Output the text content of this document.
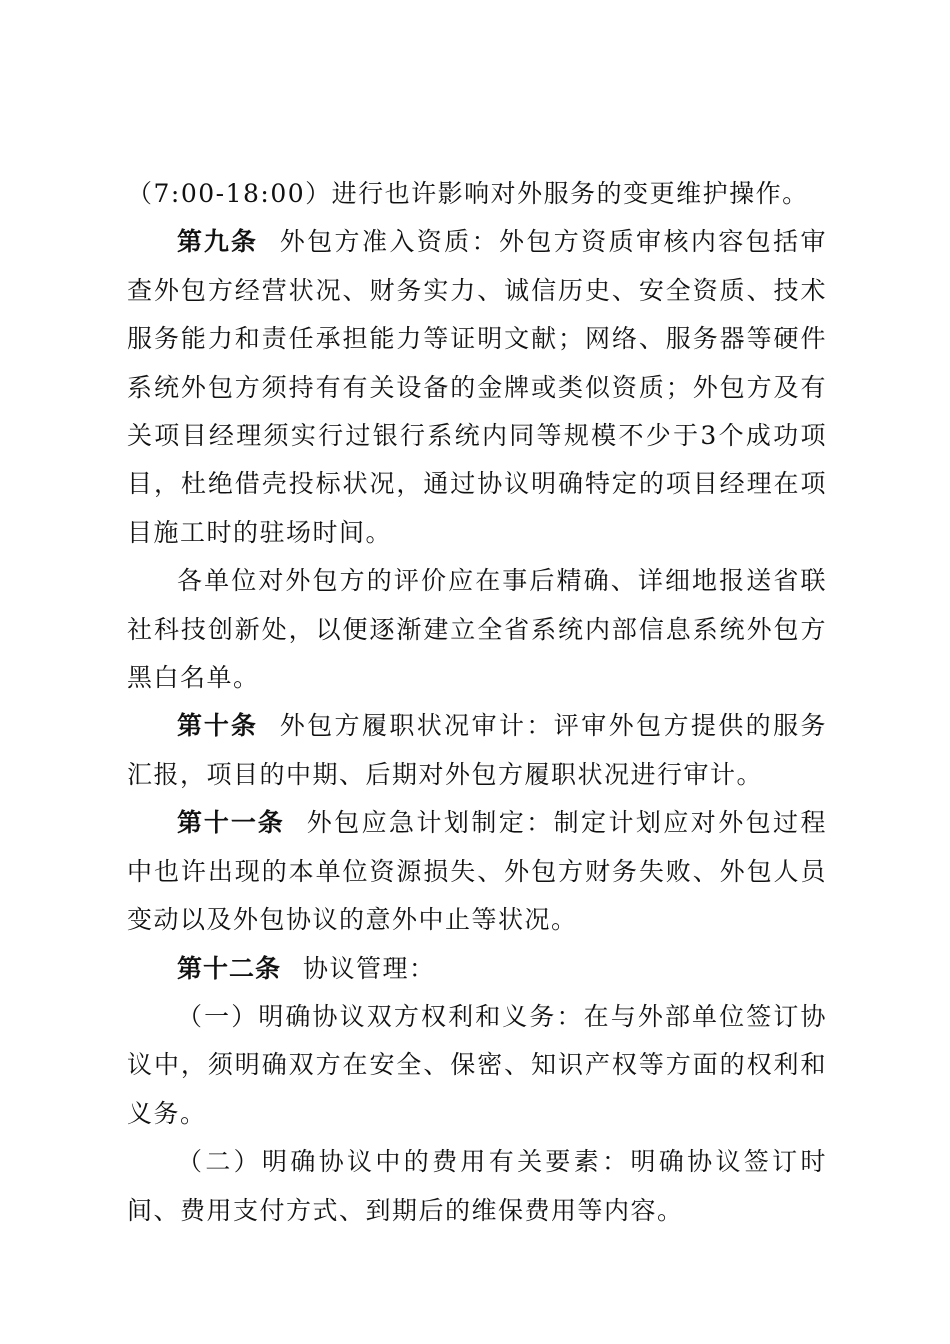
（7:00-18:00）进行也许影响对外服务的变更维护操作。

第九条 外包方准入资质：外包方资质审核内容包括审查外包方经营状况、财务实力、诚信历史、安全资质、技术服务能力和责任承担能力等证明文献；网络、服务器等硬件系统外包方须持有有关设备的金牌或类似资质；外包方及有关项目经理须实行过银行系统内同等规模不少于3个成功项目，杜绝借壳投标状况，通过协议明确特定的项目经理在项目施工时的驻场时间。

各单位对外包方的评价应在事后精确、详细地报送省联社科技创新处，以便逐渐建立全省系统内部信息系统外包方黑白名单。

第十条 外包方履职状况审计：评审外包方提供的服务汇报，项目的中期、后期对外包方履职状况进行审计。

第十一条 外包应急计划制定：制定计划应对外包过程中也许出现的本单位资源损失、外包方财务失败、外包人员变动以及外包协议的意外中止等状况。

第十二条 协议管理：

（一）明确协议双方权利和义务：在与外部单位签订协议中，须明确双方在安全、保密、知识产权等方面的权利和义务。

（二）明确协议中的费用有关要素：明确协议签订时间、费用支付方式、到期后的维保费用等内容。
